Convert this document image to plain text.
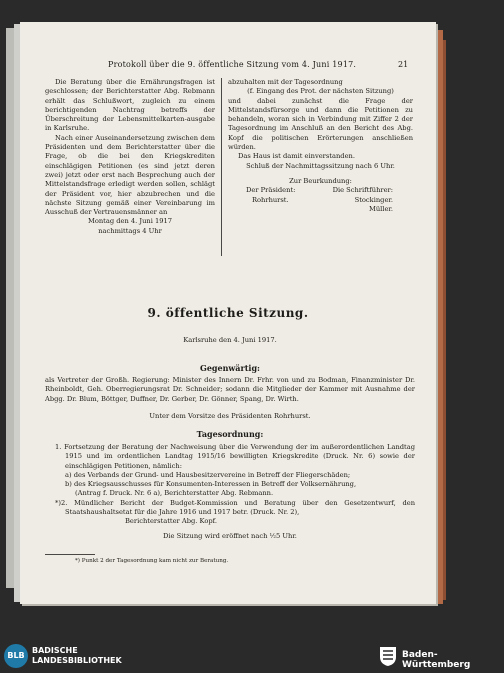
Protokoll über die 9. öffentliche Sitzung vom 4. Juni 1917.	21

Die Beratung über die Ernährungsfragen ist geschlossen; der Berichterstatter Abg. Rebmann erhält das Schlußwort, zugleich zu einem berichtigenden Nachtrag betreffs der Überschreitung der Lebensmittelkarten-ausgabe in Karlsruhe.

Nach einer Auseinandersetzung zwischen dem Präsidenten und dem Berichterstatter über die Frage, ob die bei den Kriegskrediten einschlägigen Petitionen (es sind jetzt deren zwei) jetzt oder erst nach Besprechung auch der Mittelstandsfrage erledigt werden sollen, schlägt der Präsident vor, hier abzubrechen und die nächste Sitzung gemäß einer Vereinbarung im Ausschuß der Vertrauensmänner an

Montag den 4. Juni 1917

nachmittags 4 Uhr

abzuhalten mit der Tagesordnung

(f. Eingang des Prot. der nächsten Sitzung)

und dabei zunächst die Frage der Mittelstandsfürsorge und dann die Petitionen zu behandeln, woran sich in Verbindung mit Ziffer 2 der Tagesordnung im Anschluß an den Bericht des Abg. Kopf die politischen Erörterungen anschließen würden.

Das Haus ist damit einverstanden.

Schluß der Nachmittagssitzung nach 6 Uhr.

Zur Beurkundung:

Der Präsident:	Die Schriftführer:
Rohrhurst.	Stockinger.
Müller.
9. öffentliche Sitzung.
Karlsruhe den 4. Juni 1917.
Gegenwärtig:

als Vertreter der Großh. Regierung: Minister des Innern Dr. Frhr. von und zu Bodman, Finanzminister Dr. Rheinboldt, Geh. Oberregierungsrat Dr. Schneider; sodann die Mitglieder der Kammer mit Ausnahme der Abgg. Dr. Blum, Böttger, Duffner, Dr. Gerber, Dr. Gönner, Spang, Dr. Wirth.

Unter dem Vorsitze des Präsidenten Rohrhurst.
Tagesordnung:

1. Fortsetzung der Beratung der Nachweisung über die Verwendung der im außerordentlichen Landtag 1915 und im ordentlichen Landtag 1915/16 bewilligten Kriegskredite (Druck. Nr. 6) sowie der einschlägigen Petitionen, nämlich:

a) des Verbands der Grund- und Hausbesitzervereine in Betreff der Fliegerschäden;

b) des Kriegsausschusses für Konsumenten-Interessen in Betreff der Volksernährung,

(Antrag f. Druck. Nr. 6 a), Berichterstatter Abg. Rebmann.

*)2. Mündlicher Bericht der Budget-Kommission und Beratung über den Gesetzentwurf, den Staatshaushaltsetat für die Jahre 1916 und 1917 betr. (Druck. Nr. 2),

Berichterstatter Abg. Kopf.

Die Sitzung wird eröffnet nach ½5 Uhr.

*) Punkt 2 der Tagesordnung kam nicht zur Beratung.
BLB
BADISCHE
LANDESBIBLIOTHEK
Baden-Württemberg
